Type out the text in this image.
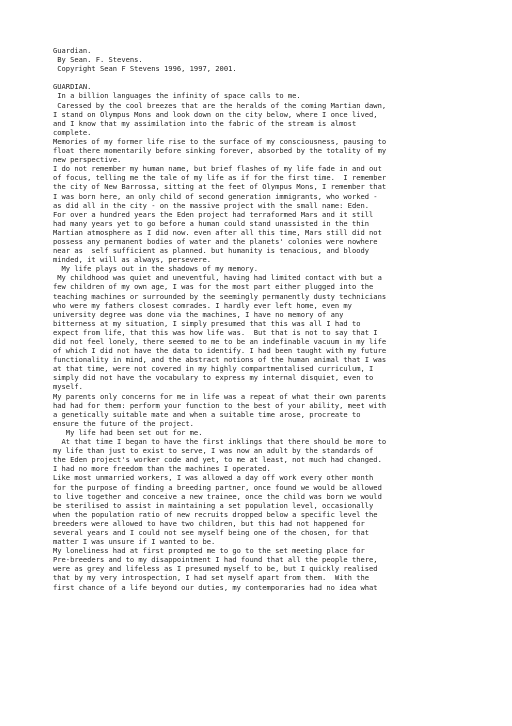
Guardian.
By Sean. F. Stevens.
Copyright Sean F Stevens 1996, 1997, 2001.
GUARDIAN.
In a billion languages the infinity of space calls to me.
Caressed by the cool breezes that are the heralds of the coming Martian dawn,
I stand on Olympus Mons and look down on the city below, where I once lived,
and I know that my assimilation into the fabric of the stream is almost
complete.
Memories of my former life rise to the surface of my consciousness, pausing to
float there momentarily before sinking forever, absorbed by the totality of my
new perspective.
I do not remember my human name, but brief flashes of my life fade in and out
of focus, telling me the tale of my life as if for the first time.  I remember
the city of New Barrossa, sitting at the feet of Olympus Mons, I remember that
I was born here, an only child of second generation immigrants, who worked -
as did all in the city - on the massive project with the small name: Eden.
For over a hundred years the Eden project had terraformed Mars and it still
had many years yet to go before a human could stand unassisted in the thin
Martian atmosphere as I did now. even after all this time, Mars still did not
possess any permanent bodies of water and the planets' colonies were nowhere
near as  self sufficient as planned. but humanity is tenacious, and bloody
minded, it will as always, persevere.
My life plays out in the shadows of my memory.
My childhood was quiet and uneventful, having had limited contact with but a
few children of my own age, I was for the most part either plugged into the
teaching machines or surrounded by the seemingly permanently dusty technicians
who were my fathers closest comrades. I hardly ever left home, even my
university degree was done via the machines, I have no memory of any
bitterness at my situation, I simply presumed that this was all I had to
expect from life, that this was how life was.  But that is not to say that I
did not feel lonely, there seemed to me to be an indefinable vacuum in my life
of which I did not have the data to identify. I had been taught with my future
functionality in mind, and the abstract notions of the human animal that I was
at that time, were not covered in my highly compartmentalised curriculum, I
simply did not have the vocabulary to express my internal disquiet, even to
myself.
My parents only concerns for me in life was a repeat of what their own parents
had had for them: perform your function to the best of your ability, meet with
a genetically suitable mate and when a suitable time arose, procreate to
ensure the future of the project.
My life had been set out for me.
At that time I began to have the first inklings that there should be more to
my life than just to exist to serve, I was now an adult by the standards of
the Eden project's worker code and yet, to me at least, not much had changed.
I had no more freedom than the machines I operated.
Like most unmarried workers, I was allowed a day off work every other month
for the purpose of finding a breeding partner, once found we would be allowed
to live together and conceive a new trainee, once the child was born we would
be sterilised to assist in maintaining a set population level, occasionally
when the population ratio of new recruits dropped below a specific level the
breeders were allowed to have two children, but this had not happened for
several years and I could not see myself being one of the chosen, for that
matter I was unsure if I wanted to be.
My loneliness had at first prompted me to go to the set meeting place for
Pre-breeders and to my disappointment I had found that all the people there,
were as grey and lifeless as I presumed myself to be, but I quickly realised
that by my very introspection, I had set myself apart from them.  With the
first chance of a life beyond our duties, my contemporaries had no idea what
